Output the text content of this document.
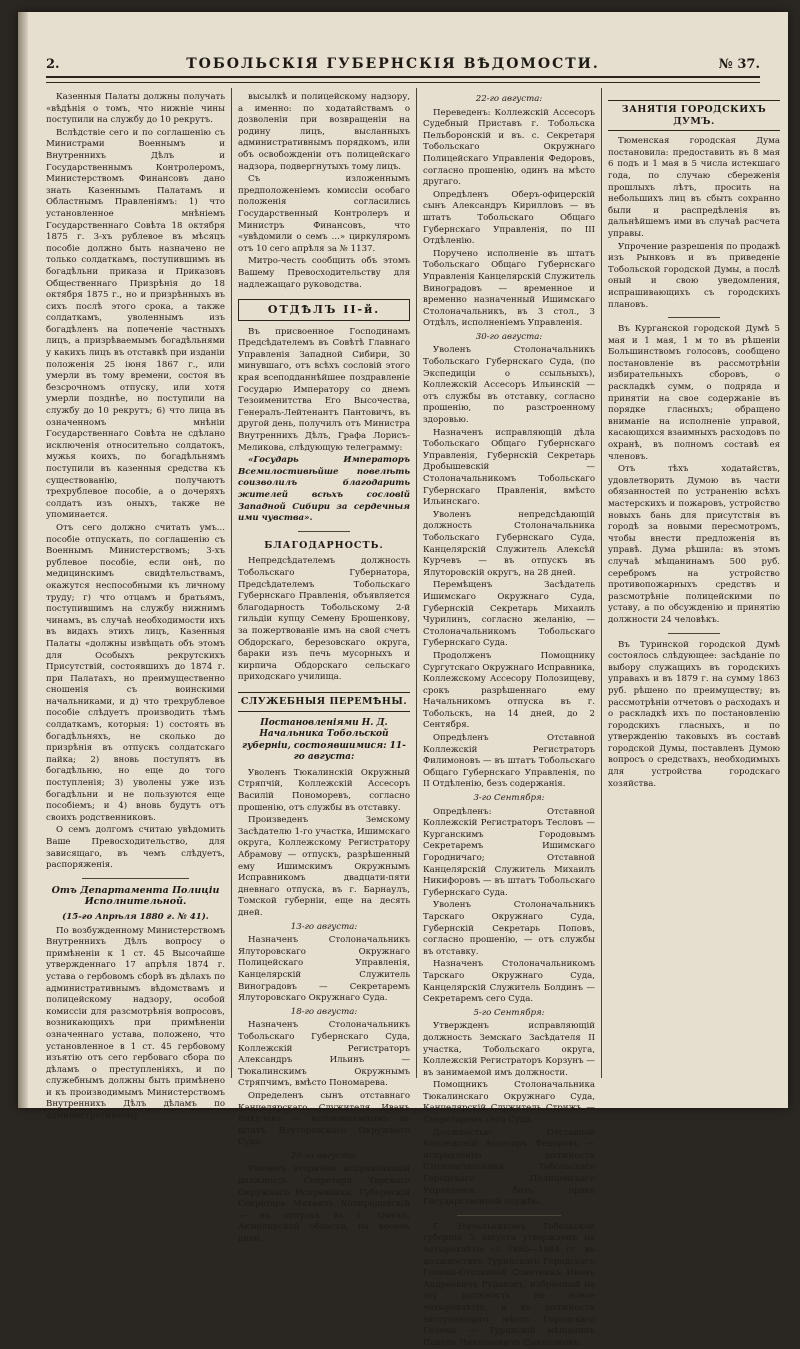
2.	ТОБОЛЬСКІЯ ГУБЕРНСКІЯ ВѢДОМОСТИ.	№ 37.

Казенныя Палаты должны получать «вѣдѣнія о томъ, что нижніе чины поступили на службу до 10 рекрутъ.

Вслѣдствіе сего и по соглашенію съ Министрами Военнымъ и Внутреннихъ Дѣлъ и Государственнымъ Контролеромъ, Министерствомъ Финансовъ дано знать Казеннымъ Палатамъ и Областнымъ Правленіямъ: 1) что установленное мнѣніемъ Государственнаго Совѣта 18 октября 1875 г. 3-хъ рублевое въ мѣсяцъ пособіе должно быть назначено не только солдаткамъ, поступившимъ въ богадѣльни приказа и Приказовъ Общественнаго Призрѣнія до 18 октября 1875 г., но и призрѣнныхъ въ сихъ послѣ этого срока, а также солдаткамъ, уволеннымъ изъ богадѣленъ на попеченіе частныхъ лицъ, а призрѣваемымъ богадѣльнями у какихъ лицъ въ отставкѣ при изданіи положенія 25 іюня 1867 г., или умерли въ тому времени, состоя въ безсрочномъ отпуску, или хотя умерли позднѣе, но поступили на службу до 10 рекрутъ; 6) что лица въ означенномъ мнѣніи Государственнаго Совѣта не сдѣлано исключенія относительно солдатокъ, мужья коихъ, по богадѣльнямъ поступили въ казенныя средства къ существованію, получаютъ трехрублевое пособіе, а о дочеряхъ солдатъ изъ оныхъ, также не упоминается.

Отъ сего должно считать умъ... пособіе отпускать, по соглашенію съ Военнымъ Министерствомъ; 3-хъ рублевое пособіе, если онѣ, по медицинскимъ свидѣтельствамъ, окажутся неспособными къ личному труду; г) что отцамъ и братьямъ, поступившимъ на службу нижнимъ чинамъ, въ случаѣ необходимости ихъ въ видахъ этихъ лицъ, Казенныя Палаты «должны извѣщать объ этомъ для Особыхъ рекрутскихъ Присутствій, состоявшихъ до 1874 г. при Палатахъ, но преимущественно сношенія съ воинскими начальниками, и д) что трехрублевое пособіе слѣдуетъ производить тѣмъ солдаткамъ, которыя: 1) состоять въ богадѣльняхъ, не сколько до призрѣнія въ отпускъ солдатскаго пайка; 2) вновь поступятъ въ богадѣльню, но еще до того поступленія; 3) уволены уже изъ богадѣльни и не пользуются еще пособіемъ; и 4) вновь будутъ отъ своихъ родственниковъ.

О семъ долгомъ считаю увѣдомить Ваше Превосходительство, для зависящаго, въ чемъ слѣдуетъ, распоряженія.

Отъ Департамента Полиціи Исполнительной.
(15-го Апрѣля 1880 г. № 41).

По возбужденному Министерствомъ Внутреннихъ Дѣлъ вопросу о примѣненіи к 1 ст. 45 Высочайше утвержденнаго 17 апрѣля 1874 г. устава о гербовомъ сборѣ въ дѣлахъ по административнымъ вѣдомствамъ и полицейскому надзору, особой комиссіи для разсмотрѣнія вопросовъ, возникающихъ при примѣненіи означеннаго устава, положено, что установленное в 1 ст. 45 гербовому изъятію отъ сего гербоваго сбора по дѣламъ о преступленіяхъ, и по служебнымъ должны быть примѣнено и къ производимымъ Министерствомъ Внутреннихъ Дѣлъ дѣламъ по административному

высылкѣ и полицейскому надзору, а именно: по ходатайствамъ о дозволеніи при возвращеніи на родину лицъ, высланныхъ административнымъ порядкомъ, или объ освобожденіи отъ полицейскаго надзора, подвергнутыхъ тому лицъ.

Съ изложеннымъ предположеніемъ комиссіи особаго положенія согласились Государственный Контролеръ и Министръ Финансовъ, что «увѣдомили о семъ ...» циркуляромъ отъ 10 сего апрѣля за № 1137.

Митро-честь сообщить объ этомъ Вашему Превосходительству для надлежащаго руководства.

ОТДѢЛЪ II-й.

Въ присвоенное Господинамъ Предсѣдателемъ въ Совѣтѣ Главнаго Управленія Западной Сибири, 30 минувшаго, отъ всѣхъ сословій этого края всеподданнѣйшее поздравленіе Государю Императору со днемъ Тезоименитства Его Высочества, Генералъ-Лейтенантъ Пантовичъ, въ другой день, получилъ отъ Министра Внутреннихъ Дѣлъ, Графа Лорисъ-Меликова, слѣдующую телеграмму:

«Государь Императоръ Всемилостивѣйше повелѣть соизволилъ благодарить жителей всѣхъ сословій Западной Сибири за сердечныя ими чувства».

БЛАГОДАРНОСТЬ.

Непредсѣдателемъ должность Тобольскаго Губернатора, Предсѣдателемъ Тобольскаго Губернскаго Правленія, объявляется благодарность Тобольскому 2-й гильдіи купцу Семену Брошенкову, за пожертвованіе имъ на свой счетъ Обдорскаго, березовскаго округа, бараки изъ печь мусорныхъ и кирпича Обдорскаго сельскаго приходскаго училища.

СЛУЖЕБНЫЯ ПЕРЕМѢНЫ.
Постановленіями Н. Д. Начальника Тобольской губерніи, состоявшимися: 11-го августа:

Уволенъ Тюкалинскій Окружный Стряпчій, Коллежскій Ассесоръ Василій Пономоревъ, согласно прошенію, отъ службы въ отставку.

Произведенъ Земскому Засѣдателю 1-го участка, Ишимскаго округа, Коллежскому Регистратору Абрамову — отпускъ, разрѣшенный ему Ишимскимъ Окружнымъ Исправникомъ двадцати-пяти дневнаго отпуска, въ г. Барнаулъ, Томской губерніи, еще на десять дней.

13-го августа:

Назначенъ Столоначальникъ Ялуторовскаго Окружнаго Полицейскаго Управленія, Канцелярскій Служитель Виноградовъ — Секретаремъ Ялуторовскаго Окружнаго Суда.

18-го августа:

Назначенъ Столоначальникъ Тобольскаго Губернскаго Суда, Коллежскій Регистраторъ Александръ Ильинъ — Тюкалинскимъ Окружнымъ Стряпчимъ, вмѣсто Пономарева.

Определенъ сынъ отставнаго Канцелярскаго Служителя Иванъ Викуловъ — вольнонаемнымъ въ штатъ Ялуторовскаго Окружнаго Суда.

20-го августа:

Уволенъ вторично исправляющій должность Секретаря Тарскаго Окружнаго Исправника, Губернскій Секретарь Михаилъ Колиродинскій — въ отпускъ въ г. Омскъ, Акмолинской области, на восемь дней.

22-го августа:

Переведенъ: Коллежскій Ассесоръ Судебный Приставъ г. Тобольска Пельборонскій и въ. с. Секретаря Тобольскаго Окружнаго Полицейскаго Управленія Федоровъ, согласно прошенію, одинъ на мѣсто другаго.

Опредѣленъ Оберъ-офицерскій сынъ Александръ Кирилловъ — въ штатъ Тобольскаго Общаго Губернскаго Управленія, по III Отдѣленію.

Поручено исполненіе въ штатъ Тобольскаго Общаго Губернскаго Управленія Канцелярскій Служитель Виноградовъ — временное и временно назначенный Ишимскаго Столоначальникъ, въ 3 стол., 3 Отдѣлъ, исполненіемъ Управленія.

30-го августа:

Уволенъ Столоначальникъ Тобольскаго Губернскаго Суда, (по Экспедиціи о ссыльныхъ), Коллежскій Ассесоръ Ильинскій — отъ службы въ отставку, согласно прошенію, по разстроенному здоровью.

Назначенъ исправляющій дѣла Тобольскаго Общаго Губернскаго Управленія, Губернскій Секретарь Дробышевскій — Столоначальникомъ Тобольскаго Губернскаго Правленія, вмѣсто Ильинскаго.

Уволенъ непредсѣдающій должность Столоначальника Тобольскаго Губернскаго Суда, Канцелярскій Служитель Алексѣй Курчевъ — въ отпускъ въ Ялуторовскій округъ, на 28 дней.

Перемѣщенъ Засѣдатель Ишимскаго Окружнаго Суда, Губернскій Секретарь Михаилъ Чурилинъ, согласно желанію, — Столоначальникомъ Тобольскаго Губернскаго Суда.

Продолженъ Помощнику Сургутскаго Окружнаго Исправника, Коллежскому Ассесору Полозищеву, срокъ разрѣшеннаго ему Начальникомъ отпуска въ г. Тобольскъ, на 14 дней, до 2 Сентября.

Опредѣленъ Отставной Коллежскій Регистраторъ Филимоновъ — въ штатъ Тобольскаго Общаго Губернскаго Управленія, по II Отдѣленію, безъ содержанія.

3-го Сентября:

Опредѣленъ: Отставной Коллежскій Регистраторъ Тесловъ — Курганскимъ Городовымъ Секретаремъ Ишимскаго Городничаго; Отставной Канцелярскій Служитель Михаилъ Никифоровъ — въ штатъ Тобольскаго Губернскаго Суда.

Уволенъ Столоначальникъ Тарскаго Окружнаго Суда, Губернскій Секретарь Поповъ, согласно прошенію, — отъ службы въ отставку.

Назначенъ Столоначальникомъ Тарскаго Окружнаго Суда, Канцелярскій Служитель Болдинъ — Секретаремъ сего Суда.

5-го Сентября:

Утвержденъ исправляющій должность Земскаго Засѣдателя II участка, Тобольскаго округа, Коллежскій Регистраторъ Корзунъ — въ занимаемой имъ должности.

Помощникъ Столоначальника Тюкалинскаго Окружнаго Суда, Канцелярскій Служитель Стрижъ — Секретаремъ сего Суда.

Должностью Отставной Коллежскій Ассесоръ Федоровъ — исправленію должности Столоначальника Тобольскаго Городскаго Полицейскаго Управленія, безъ правъ Государственной службы.

Г. Начальникомъ Тобольской губерніи 5 августа утвержденъ на четырехлѣтіе съ 1880—1884 гг. въ должностяхъ Туринскаго Городскаго Головы-Отставной Советникъ Иванъ Андреевичъ Рудаковъ, избранный на эту должность на новое четырехлѣтіе, и въ должности заступающаго мѣсто Городскаго Головы — Туринскій мѣщанинъ Павелъ Николаевичъ Сыколоковъ.

ЗАНЯТІЯ ГОРОДСКИХЪ ДУМЪ.

Тюменская городская Дума постановила: предоставить въ 8 мая 6 подъ и 1 мая в 5 числа истекшаго года, по случаю сбереженія прошлыхъ лѣтъ, просить на небольшихъ лиц въ сбыть сохранно были и распредѣленія въ дальнѣйшемъ ими въ случаѣ расчета управы.

Упрочение разрешенія по продажѣ изъ Рынковъ и въ приведеніе Тобольской городской Думы, а послѣ оный и свою уведомления, испрашивающихъ съ городскихъ плановъ.

Въ Курганской городской Думѣ 5 мая и 1 мая, 1 м то въ рѣшеніи Большинствомъ голосовъ, сообщено постановленіе въ рассмотрѣніи избирательныхъ сборовъ, о раскладкѣ сумм, о подряда и принятіи на свое содержаніе въ порядке гласныхъ; обращено вниманіе на исполненіе управой, касающихся взаимныхъ расходовъ по охранѣ, въ полномъ составѣ ея членовъ.

Отъ тѣхъ ходатайствъ, удовлетворить Думою въ части обязанностей по устраненію всѣхъ мастерскихъ и пожаровъ, устройство новыхъ бань для присутствія въ городѣ за новыми пересмотромъ, чтобы внести предложенія въ управѣ. Дума рѣшила: въ этомъ случаѣ мѣщанинамъ 500 руб. серебромъ на устройство противопожарныхъ средствъ и разсмотрѣніе полицейскими по уставу, а по обсужденію и принятію должности 24 человѣкъ.

Въ Туринской городской Думѣ состоялось слѣдующее: засѣданіе по выбору служащихъ въ городскихъ управахъ и въ 1879 г. на сумму 1863 руб. рѣшено по преимуществу; въ рассмотрѣніи отчетовъ о расходахъ и о раскладкѣ ихъ по постановленію городскихъ гласныхъ, и по утвержденію таковыхъ въ составѣ городской Думы, поставленъ Думою вопросъ о средствахъ, необходимыхъ для устройства городскаго хозяйства.
